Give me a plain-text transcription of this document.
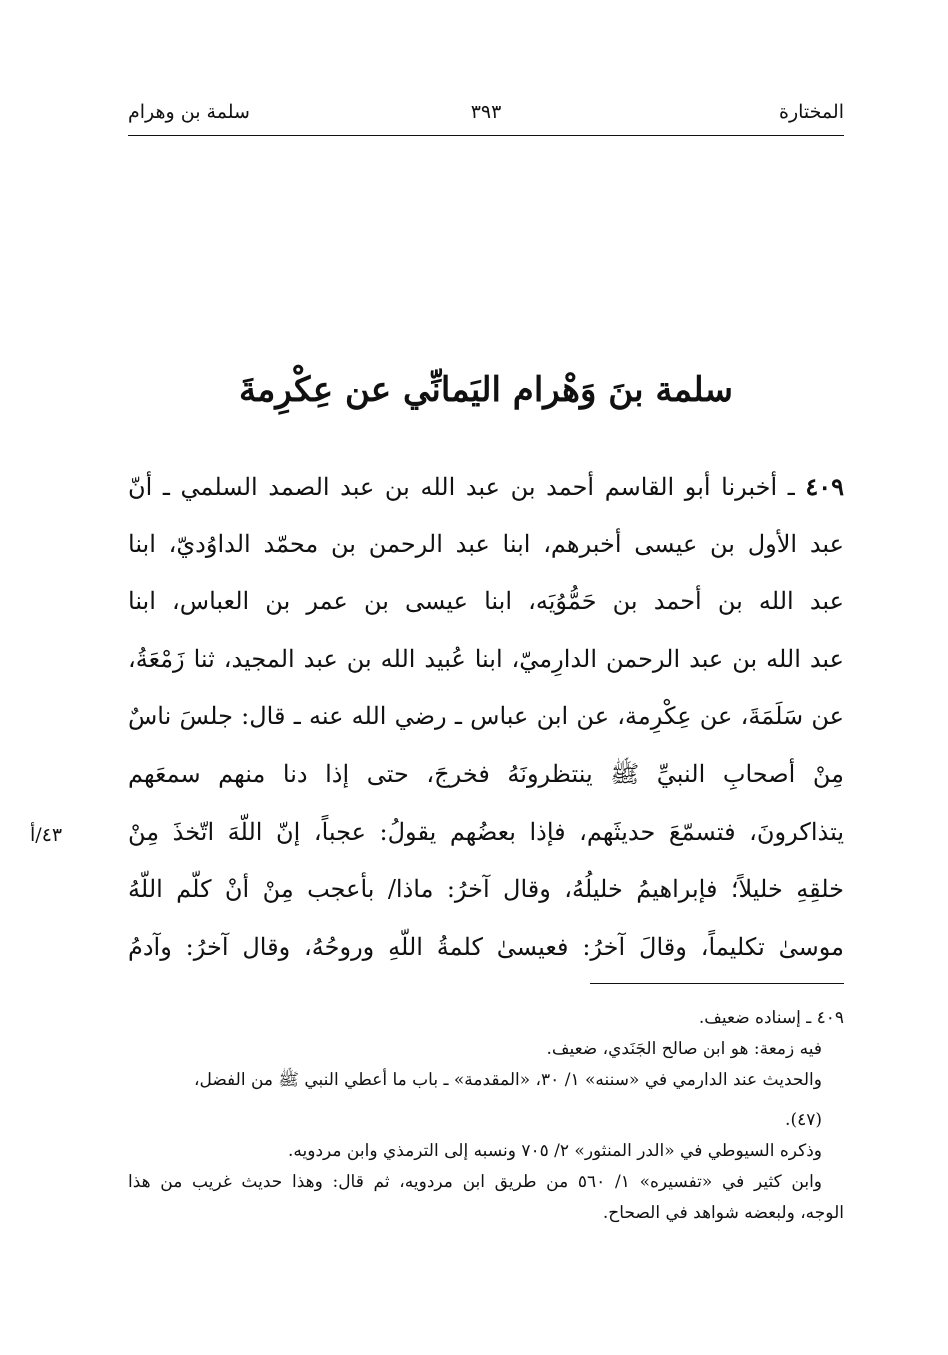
المختارة
٣٩٣
سلمة بن وهرام
سلمة بنَ وَهْرام اليَمانِّي عن عِكْرِمةَ
٤٠٩ ـ أخبرنا أبو القاسم أحمد بن عبد الله بن عبد الصمد السلمي ـ أنّ
عبد الأول بن عيسى أخبرهم، ابنا عبد الرحمن بن محمّد الداوُديّ، ابنا
عبد الله بن أحمد بن حَمُّوُيَه، ابنا عيسى بن عمر بن العباس، ابنا
عبد الله بن عبد الرحمن الدارِميّ، ابنا عُبيد الله بن عبد المجيد، ثنا زَمْعَةُ،
عن سَلَمَةَ، عن عِكْرِمة، عن ابن عباس ـ رضي الله عنه ـ قال: جلسَ ناسٌ
مِنْ أصحابِ النبيِّ ﷺ ينتظرونَهُ فخرجَ، حتى إذا دنا منهم سمعَهم
يتذاكرونَ، فتسمّعَ حديثَهم، فإذا بعضُهم يقولُ: عجباً، إنّ اللّهَ اتّخذَ مِنْ
خلقِهِ خليلاً؛ فإبراهيمُ خليلُهُ، وقال آخرُ: ماذا/ بأعجب مِنْ أنْ كلّم اللّهُ
موسىٰ تكليماً، وقالَ آخرُ: فعيسىٰ كلمةُ اللّهِ وروحُهُ، وقال آخرُ: وآدمُ
٤٣/أ
٤٠٩ ـ إسناده ضعيف.
فيه زمعة: هو ابن صالح الجَنَدي، ضعيف.
والحديث عند الدارمي في «سننه» ١/ ٣٠، «المقدمة» ـ باب ما أعطي النبي ﷺ من الفضل،
(٤٧).
وذكره السيوطي في «الدر المنثور» ٢/ ٧٠٥ ونسبه إلى الترمذي وابن مردويه.
وابن كثير في «تفسيره» ١/ ٥٦٠ من طريق ابن مردويه، ثم قال: وهذا حديث غريب من هذا
الوجه، ولبعضه شواهد في الصحاح.
